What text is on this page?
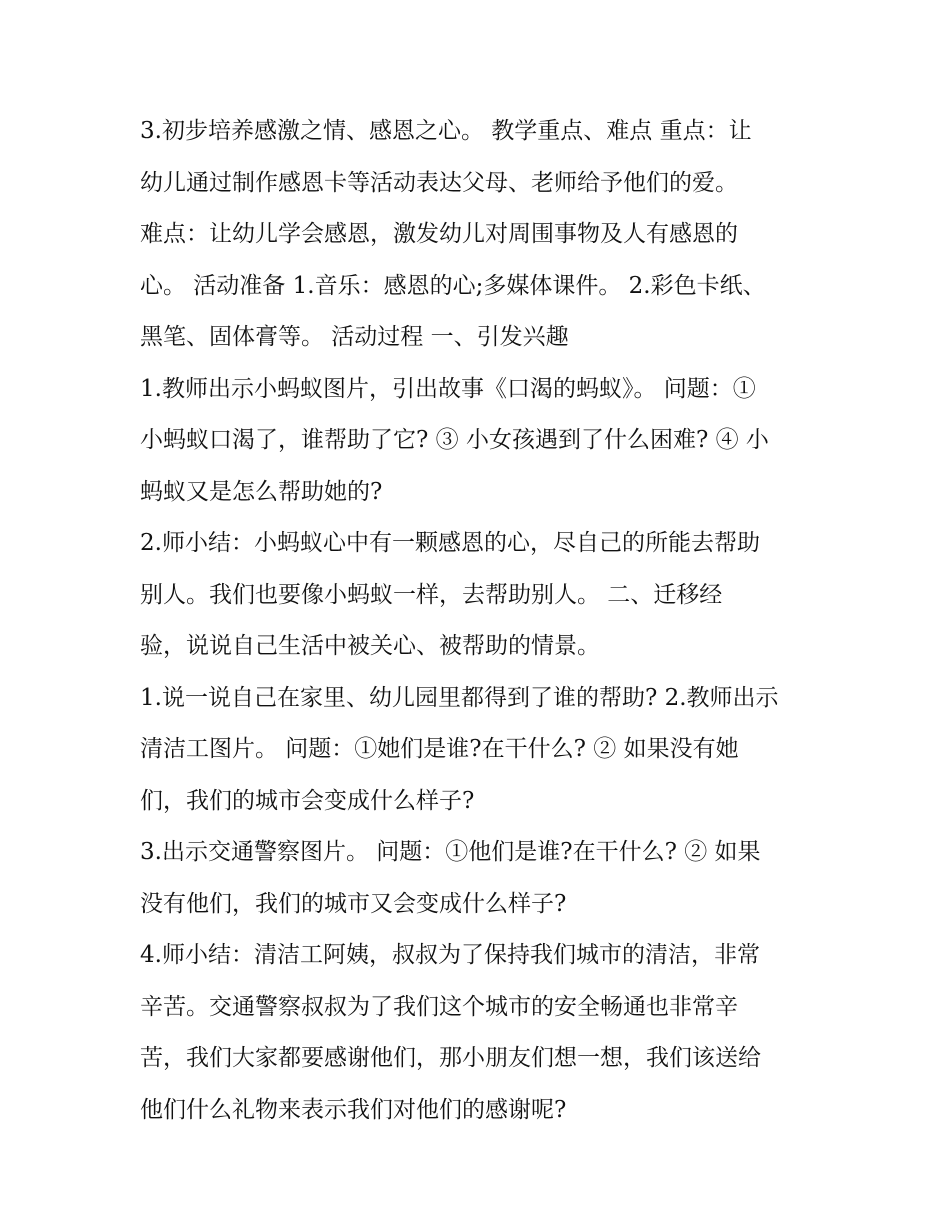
3.初步培养感激之情、感恩之心。 教学重点、难点 重点：让
幼儿通过制作感恩卡等活动表达父母、老师给予他们的爱。
难点：让幼儿学会感恩，激发幼儿对周围事物及人有感恩的
心。 活动准备 1.音乐：感恩的心;多媒体课件。 2.彩色卡纸、
黑笔、固体膏等。 活动过程 一、引发兴趣
1.教师出示小蚂蚁图片，引出故事《口渴的蚂蚁》。 问题：①
小蚂蚁口渴了，谁帮助了它? ③ 小女孩遇到了什么困难? ④ 小
蚂蚁又是怎么帮助她的?
2.师小结：小蚂蚁心中有一颗感恩的心，尽自己的所能去帮助
别人。我们也要像小蚂蚁一样，去帮助别人。 二、迁移经
验，说说自己生活中被关心、被帮助的情景。
1.说一说自己在家里、幼儿园里都得到了谁的帮助? 2.教师出示
清洁工图片。 问题：①她们是谁?在干什么? ② 如果没有她
们，我们的城市会变成什么样子?
3.出示交通警察图片。 问题：①他们是谁?在干什么? ② 如果
没有他们，我们的城市又会变成什么样子?
4.师小结：清洁工阿姨，叔叔为了保持我们城市的清洁，非常
辛苦。交通警察叔叔为了我们这个城市的安全畅通也非常辛
苦，我们大家都要感谢他们，那小朋友们想一想，我们该送给
他们什么礼物来表示我们对他们的感谢呢?
